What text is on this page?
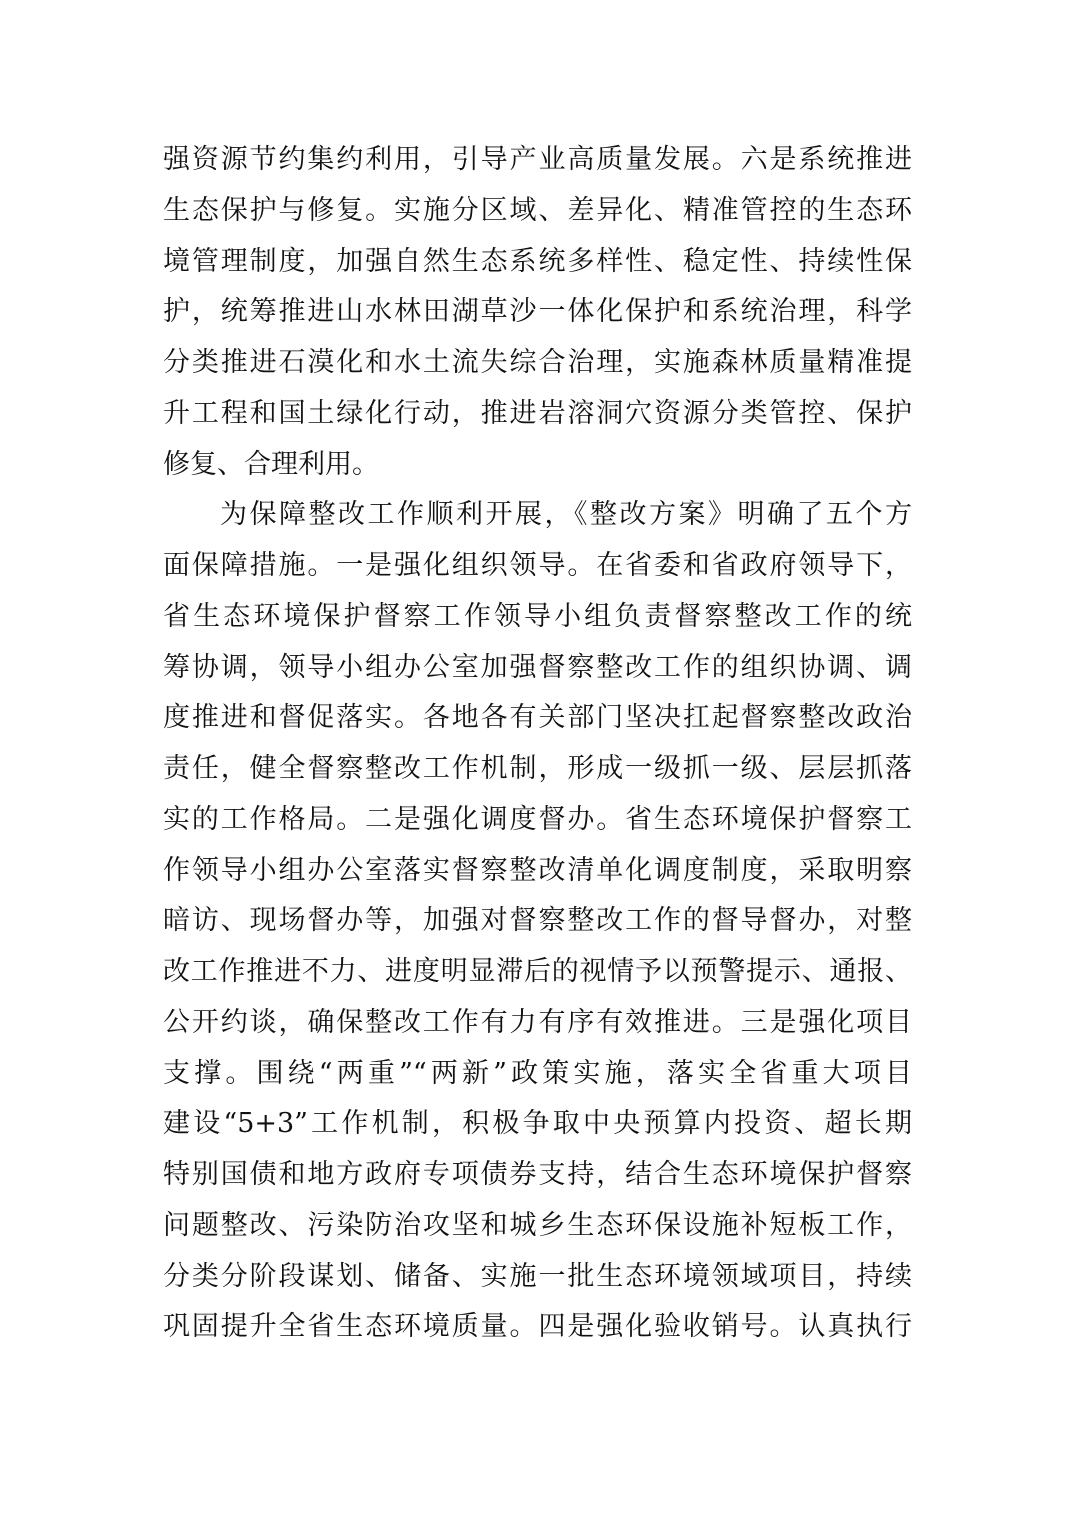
强资源节约集约利用，引导产业高质量发展。六是系统推进
生态保护与修复。实施分区域、差异化、精准管控的生态环
境管理制度，加强自然生态系统多样性、稳定性、持续性保
护，统筹推进山水林田湖草沙一体化保护和系统治理，科学
分类推进石漠化和水土流失综合治理，实施森林质量精准提
升工程和国土绿化行动，推进岩溶洞穴资源分类管控、保护
修复、合理利用。
为保障整改工作顺利开展，《整改方案》明确了五个方
面保障措施。一是强化组织领导。在省委和省政府领导下，
省生态环境保护督察工作领导小组负责督察整改工作的统
筹协调，领导小组办公室加强督察整改工作的组织协调、调
度推进和督促落实。各地各有关部门坚决扛起督察整改政治
责任，健全督察整改工作机制，形成一级抓一级、层层抓落
实的工作格局。二是强化调度督办。省生态环境保护督察工
作领导小组办公室落实督察整改清单化调度制度，采取明察
暗访、现场督办等，加强对督察整改工作的督导督办，对整
改工作推进不力、进度明显滞后的视情予以预警提示、通报、
公开约谈，确保整改工作有力有序有效推进。三是强化项目
支撑。围绕“两重”“两新”政策实施，落实全省重大项目
建设“5+3”工作机制，积极争取中央预算内投资、超长期
特别国债和地方政府专项债券支持，结合生态环境保护督察
问题整改、污染防治攻坚和城乡生态环保设施补短板工作，
分类分阶段谋划、储备、实施一批生态环境领域项目，持续
巩固提升全省生态环境质量。四是强化验收销号。认真执行
